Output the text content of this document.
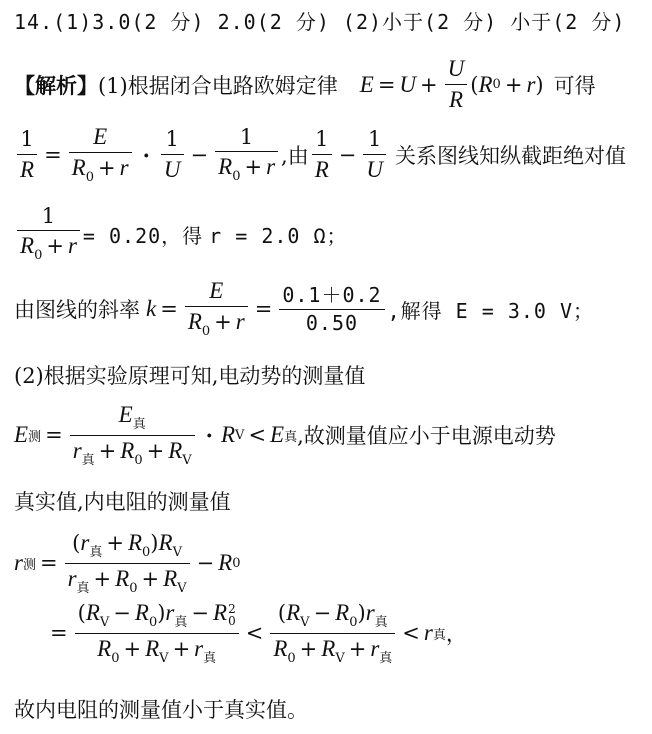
14.(1)3.0(2 分) 2.0(2 分) (2)小于(2 分) 小于(2 分)
【解析】 (1)根据闭合电路欧姆定律 $E = U + \frac{U}{R}$ ( R 0 + r ) 可得
$\frac{1}{R} = \frac{E}{R_0 + r} \cdot \frac{1}{U} - \frac{1}{R_0 + r}$ ,由 $\frac{1}{R} - \frac{1}{U}$ 关系图线知纵截距绝对值
$\frac{1}{R_0 + r} = 0.20$，得 r = 2.0 Ω；
由图线的斜率 $k = \frac{E}{R_0 + r} = \frac{0.1+0.2}{0.50}$ ,解得 E = 3.0 V；
(2)根据实验原理可知,电动势的测量值
E 测 = $\frac{E_真}{r_真 + R_0 + R_V} \cdot R$ V < E 真 ,故测量值应小于电源电动势
真实值,内电阻的测量值
r 测 = $\frac{(r_真 + R_0)R_V}{r_真 + R_0 + R_V} - R$ 0
= $(R_V - R_0)r_真 - R$ 2
0
$R_0 + R_V + r_真 < \frac{(R_V - R_0)r_真}{R_0 + R_V + r_真} < r$ 真 ，
故内电阻的测量值小于真实值。
